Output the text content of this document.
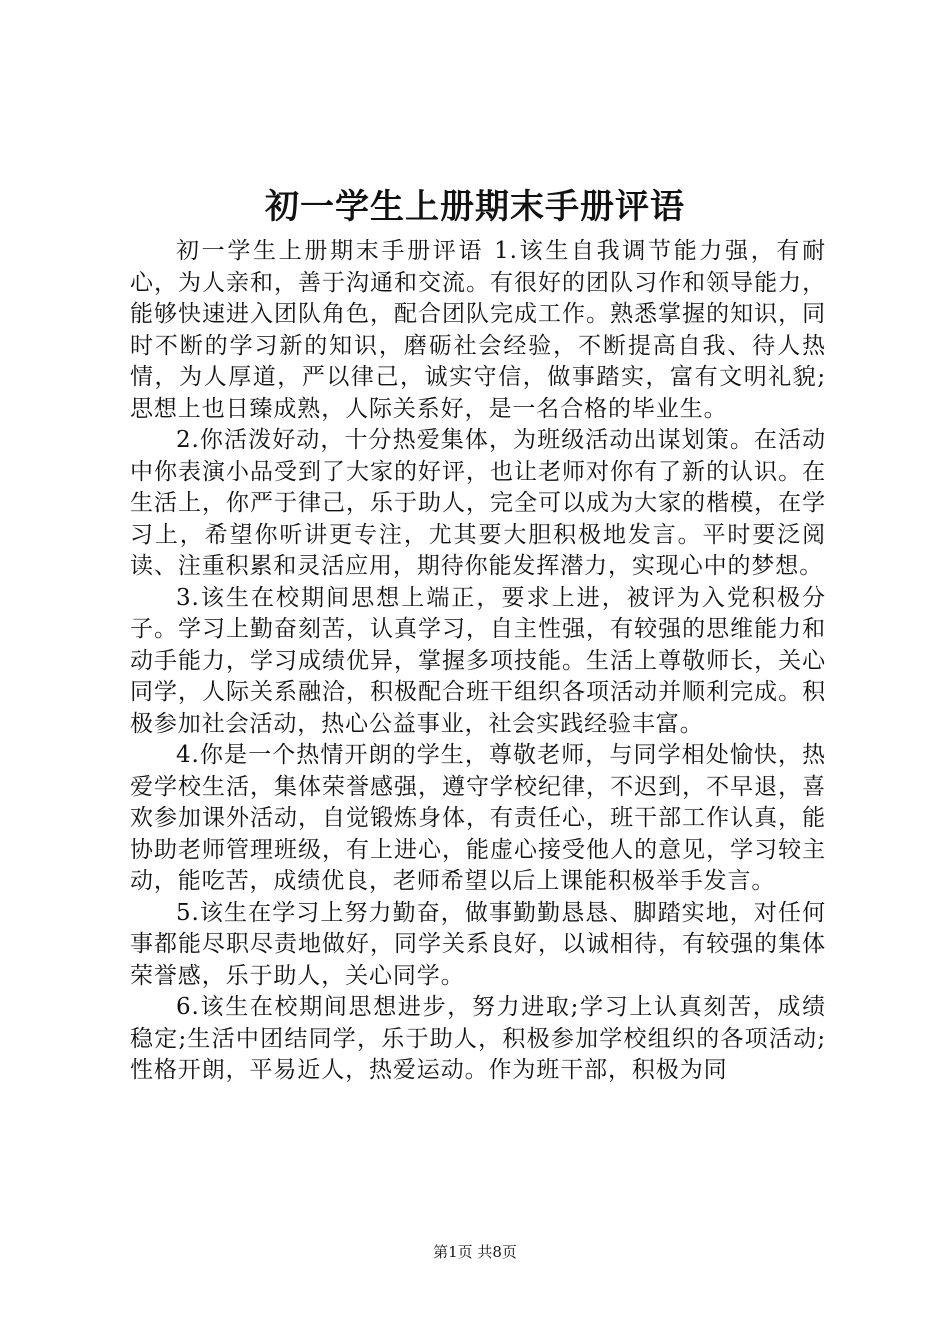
初一学生上册期末手册评语

初一学生上册期末手册评语 1.该生自我调节能力强，有耐心，为人亲和，善于沟通和交流。有很好的团队习作和领导能力，能够快速进入团队角色，配合团队完成工作。熟悉掌握的知识，同时不断的学习新的知识，磨砺社会经验，不断提高自我、待人热情，为人厚道，严以律己，诚实守信，做事踏实，富有文明礼貌;思想上也日臻成熟，人际关系好，是一名合格的毕业生。

2.你活泼好动，十分热爱集体，为班级活动出谋划策。在活动中你表演小品受到了大家的好评，也让老师对你有了新的认识。在生活上，你严于律己，乐于助人，完全可以成为大家的楷模，在学习上，希望你听讲更专注，尤其要大胆积极地发言。平时要泛阅读、注重积累和灵活应用，期待你能发挥潜力，实现心中的梦想。

3.该生在校期间思想上端正，要求上进，被评为入党积极分子。学习上勤奋刻苦，认真学习，自主性强，有较强的思维能力和动手能力，学习成绩优异，掌握多项技能。生活上尊敬师长，关心同学，人际关系融洽，积极配合班干组织各项活动并顺利完成。积极参加社会活动，热心公益事业，社会实践经验丰富。

4.你是一个热情开朗的学生，尊敬老师，与同学相处愉快，热爱学校生活，集体荣誉感强，遵守学校纪律，不迟到，不早退，喜欢参加课外活动，自觉锻炼身体，有责任心，班干部工作认真，能协助老师管理班级，有上进心，能虚心接受他人的意见，学习较主动，能吃苦，成绩优良，老师希望以后上课能积极举手发言。

5.该生在学习上努力勤奋，做事勤勤恳恳、脚踏实地，对任何事都能尽职尽责地做好，同学关系良好，以诚相待，有较强的集体荣誉感，乐于助人，关心同学。

6.该生在校期间思想进步，努力进取;学习上认真刻苦，成绩稳定;生活中团结同学，乐于助人，积极参加学校组织的各项活动;性格开朗，平易近人，热爱运动。作为班干部，积极为同

第1页 共8页
